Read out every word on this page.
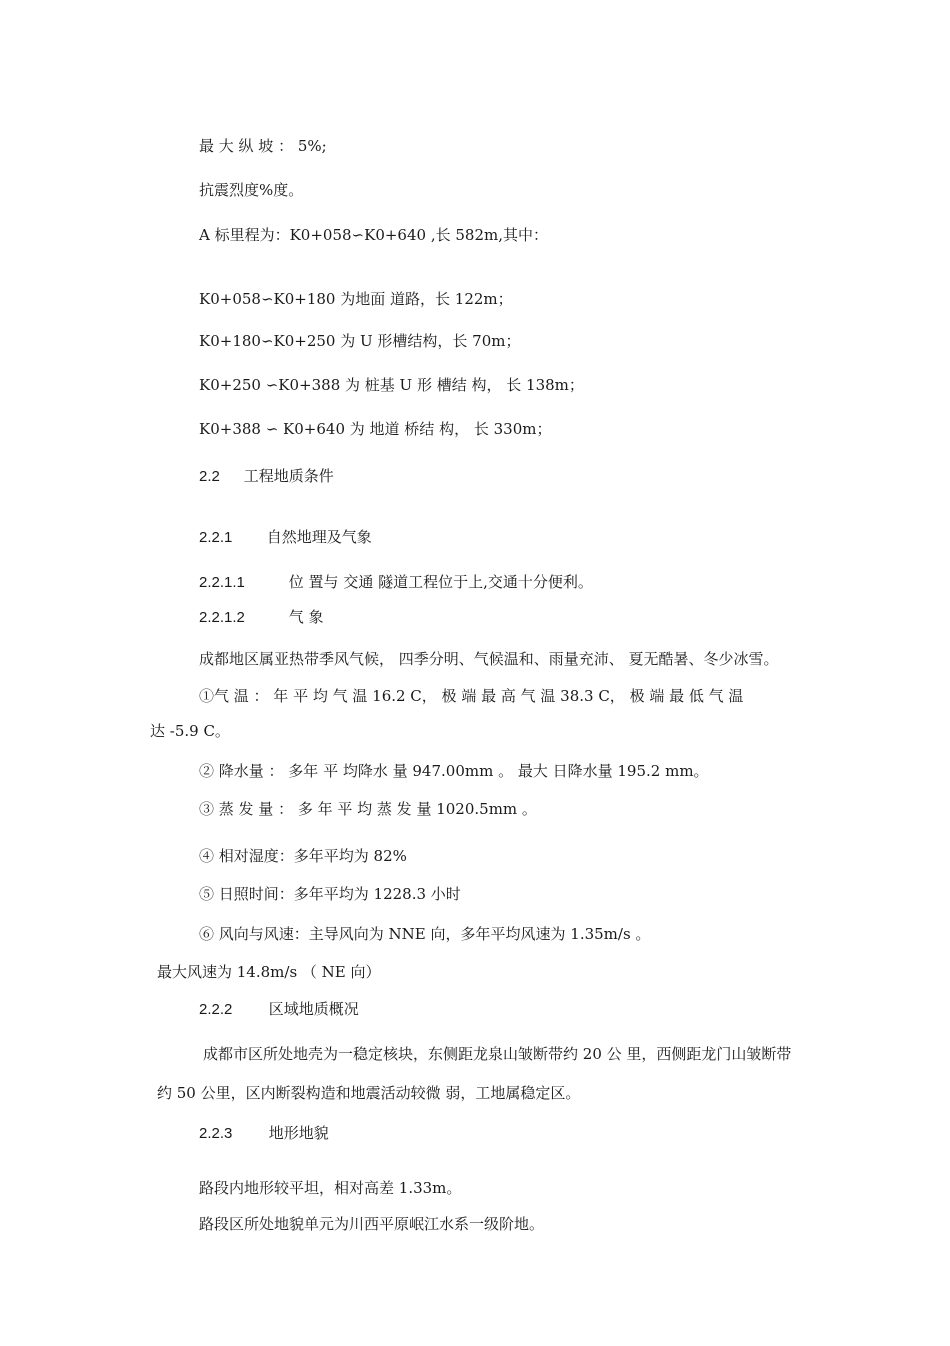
最 大 纵 坡 ： 5%;
抗震烈度%度。
A 标里程为：K0+058∽K0+640 ,长 582m,其中：
K0+058∽K0+180 为地面 道路，长 122m；
K0+180∽K0+250 为 U 形槽结构，长 70m；
K0+250 ∽K0+388 为 桩基 U 形 槽结 构， 长 138m；
K0+388 ∽ K0+640 为 地道 桥结 构， 长 330m；
2.2 工程地质条件
2.2.1 自然地理及气象
2.2.1.1	位 置与 交通 隧道工程位于上,交通十分便利。
2.2.1.2	气 象
成都地区属亚热带季风气候， 四季分明、气候温和、雨量充沛、 夏无酷暑、冬少冰雪。
①气 温 ： 年 平 均 气 温 16.2 C， 极 端 最 高 气 温 38.3 C， 极 端 最 低 气 温
达 -5.9 C。
② 降水量 ： 多年 平 均降水 量 947.00mm 。 最大 日降水量 195.2 mm。
③ 蒸 发 量 ： 多 年 平 均 蒸 发 量 1020.5mm 。
④ 相对湿度：多年平均为 82%
⑤ 日照时间：多年平均为 1228.3 小时
⑥ 风向与风速：主导风向为 NNE 向，多年平均风速为 1.35m/s 。
最大风速为 14.8m/s （ NE 向）
2.2.2 区域地质概况
成都市区所处地壳为一稳定核块，东侧距龙泉山皱断带约 20 公 里，西侧距龙门山皱断带
约 50 公里，区内断裂构造和地震活动较微 弱，工地属稳定区。
2.2.3 地形地貌
路段内地形较平坦，相对高差 1.33m。
路段区所处地貌单元为川西平原岷江水系一级阶地。
